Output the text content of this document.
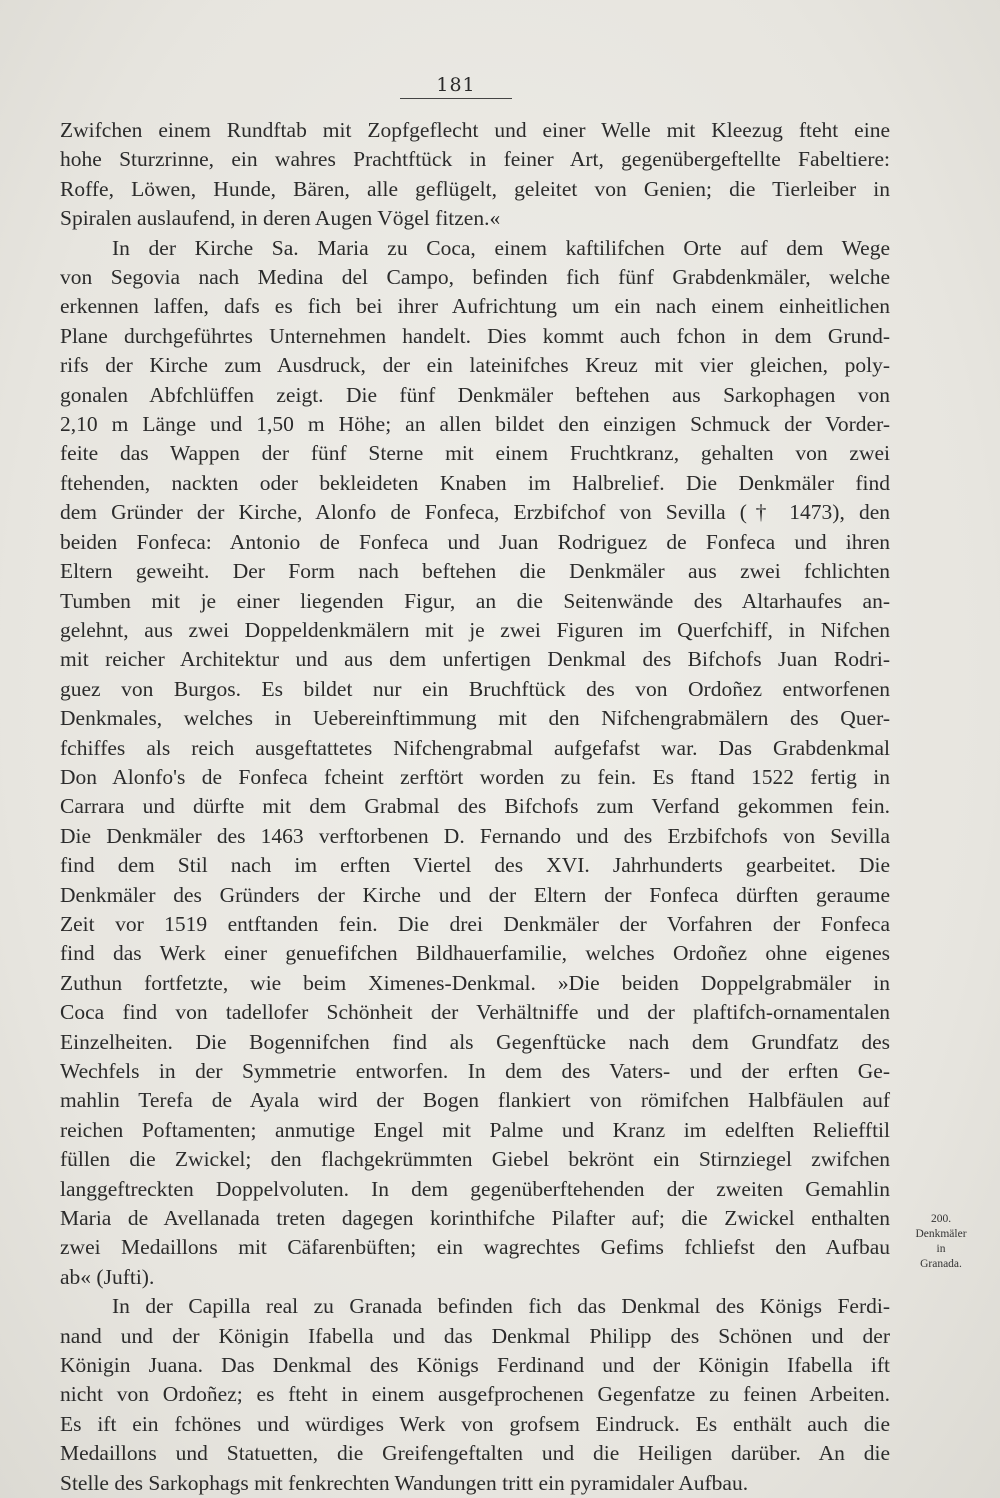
181
Zwifchen einem Rundftab mit Zopfgeflecht und einer Welle mit Kleezug fteht eine
hohe Sturzrinne, ein wahres Prachtftück in feiner Art, gegenübergeftellte Fabeltiere:
Roffe, Löwen, Hunde, Bären, alle geflügelt, geleitet von Genien; die Tierleiber in
Spiralen auslaufend, in deren Augen Vögel fitzen.«
In der Kirche Sa. Maria zu Coca, einem kaftilifchen Orte auf dem Wege
von Segovia nach Medina del Campo, befinden fich fünf Grabdenkmäler, welche
erkennen laffen, dafs es fich bei ihrer Aufrichtung um ein nach einem einheitlichen
Plane durchgeführtes Unternehmen handelt. Dies kommt auch fchon in dem Grund-
rifs der Kirche zum Ausdruck, der ein lateinifches Kreuz mit vier gleichen, poly-
gonalen Abfchlüffen zeigt. Die fünf Denkmäler beftehen aus Sarkophagen von
2,10 m Länge und 1,50 m Höhe; an allen bildet den einzigen Schmuck der Vorder-
feite das Wappen der fünf Sterne mit einem Fruchtkranz, gehalten von zwei
ftehenden, nackten oder bekleideten Knaben im Halbrelief. Die Denkmäler find
dem Gründer der Kirche, Alonfo de Fonfeca, Erzbifchof von Sevilla († 1473), den
beiden Fonfeca: Antonio de Fonfeca und Juan Rodriguez de Fonfeca und ihren
Eltern geweiht. Der Form nach beftehen die Denkmäler aus zwei fchlichten
Tumben mit je einer liegenden Figur, an die Seitenwände des Altarhaufes an-
gelehnt, aus zwei Doppeldenkmälern mit je zwei Figuren im Querfchiff, in Nifchen
mit reicher Architektur und aus dem unfertigen Denkmal des Bifchofs Juan Rodri-
guez von Burgos. Es bildet nur ein Bruchftück des von Ordoñez entworfenen
Denkmales, welches in Uebereinftimmung mit den Nifchengrabmälern des Quer-
fchiffes als reich ausgeftattetes Nifchengrabmal aufgefafst war. Das Grabdenkmal
Don Alonfo's de Fonfeca fcheint zerftört worden zu fein. Es ftand 1522 fertig in
Carrara und dürfte mit dem Grabmal des Bifchofs zum Verfand gekommen fein.
Die Denkmäler des 1463 verftorbenen D. Fernando und des Erzbifchofs von Sevilla
find dem Stil nach im erften Viertel des XVI. Jahrhunderts gearbeitet. Die
Denkmäler des Gründers der Kirche und der Eltern der Fonfeca dürften geraume
Zeit vor 1519 entftanden fein. Die drei Denkmäler der Vorfahren der Fonfeca
find das Werk einer genuefifchen Bildhauerfamilie, welches Ordoñez ohne eigenes
Zuthun fortfetzte, wie beim Ximenes-Denkmal. »Die beiden Doppelgrabmäler in
Coca find von tadellofer Schönheit der Verhältniffe und der plaftifch-ornamentalen
Einzelheiten. Die Bogennifchen find als Gegenftücke nach dem Grundfatz des
Wechfels in der Symmetrie entworfen. In dem des Vaters- und der erften Ge-
mahlin Terefa de Ayala wird der Bogen flankiert von römifchen Halbfäulen auf
reichen Poftamenten; anmutige Engel mit Palme und Kranz im edelften Reliefftil
füllen die Zwickel; den flachgekrümmten Giebel bekrönt ein Stirnziegel zwifchen
langgeftreckten Doppelvoluten. In dem gegenüberftehenden der zweiten Gemahlin
Maria de Avellanada treten dagegen korinthifche Pilafter auf; die Zwickel enthalten
zwei Medaillons mit Cäfarenbüften; ein wagrechtes Gefims fchliefst den Aufbau
ab« (Jufti).
In der Capilla real zu Granada befinden fich das Denkmal des Königs Ferdi-
nand und der Königin Ifabella und das Denkmal Philipp des Schönen und der
Königin Juana. Das Denkmal des Königs Ferdinand und der Königin Ifabella ift
nicht von Ordoñez; es fteht in einem ausgefprochenen Gegenfatze zu feinen Arbeiten.
Es ift ein fchönes und würdiges Werk von grofsem Eindruck. Es enthält auch die
Medaillons und Statuetten, die Greifengeftalten und die Heiligen darüber. An die
Stelle des Sarkophags mit fenkrechten Wandungen tritt ein pyramidaler Aufbau.
200.
Denkmäler
in
Granada.
